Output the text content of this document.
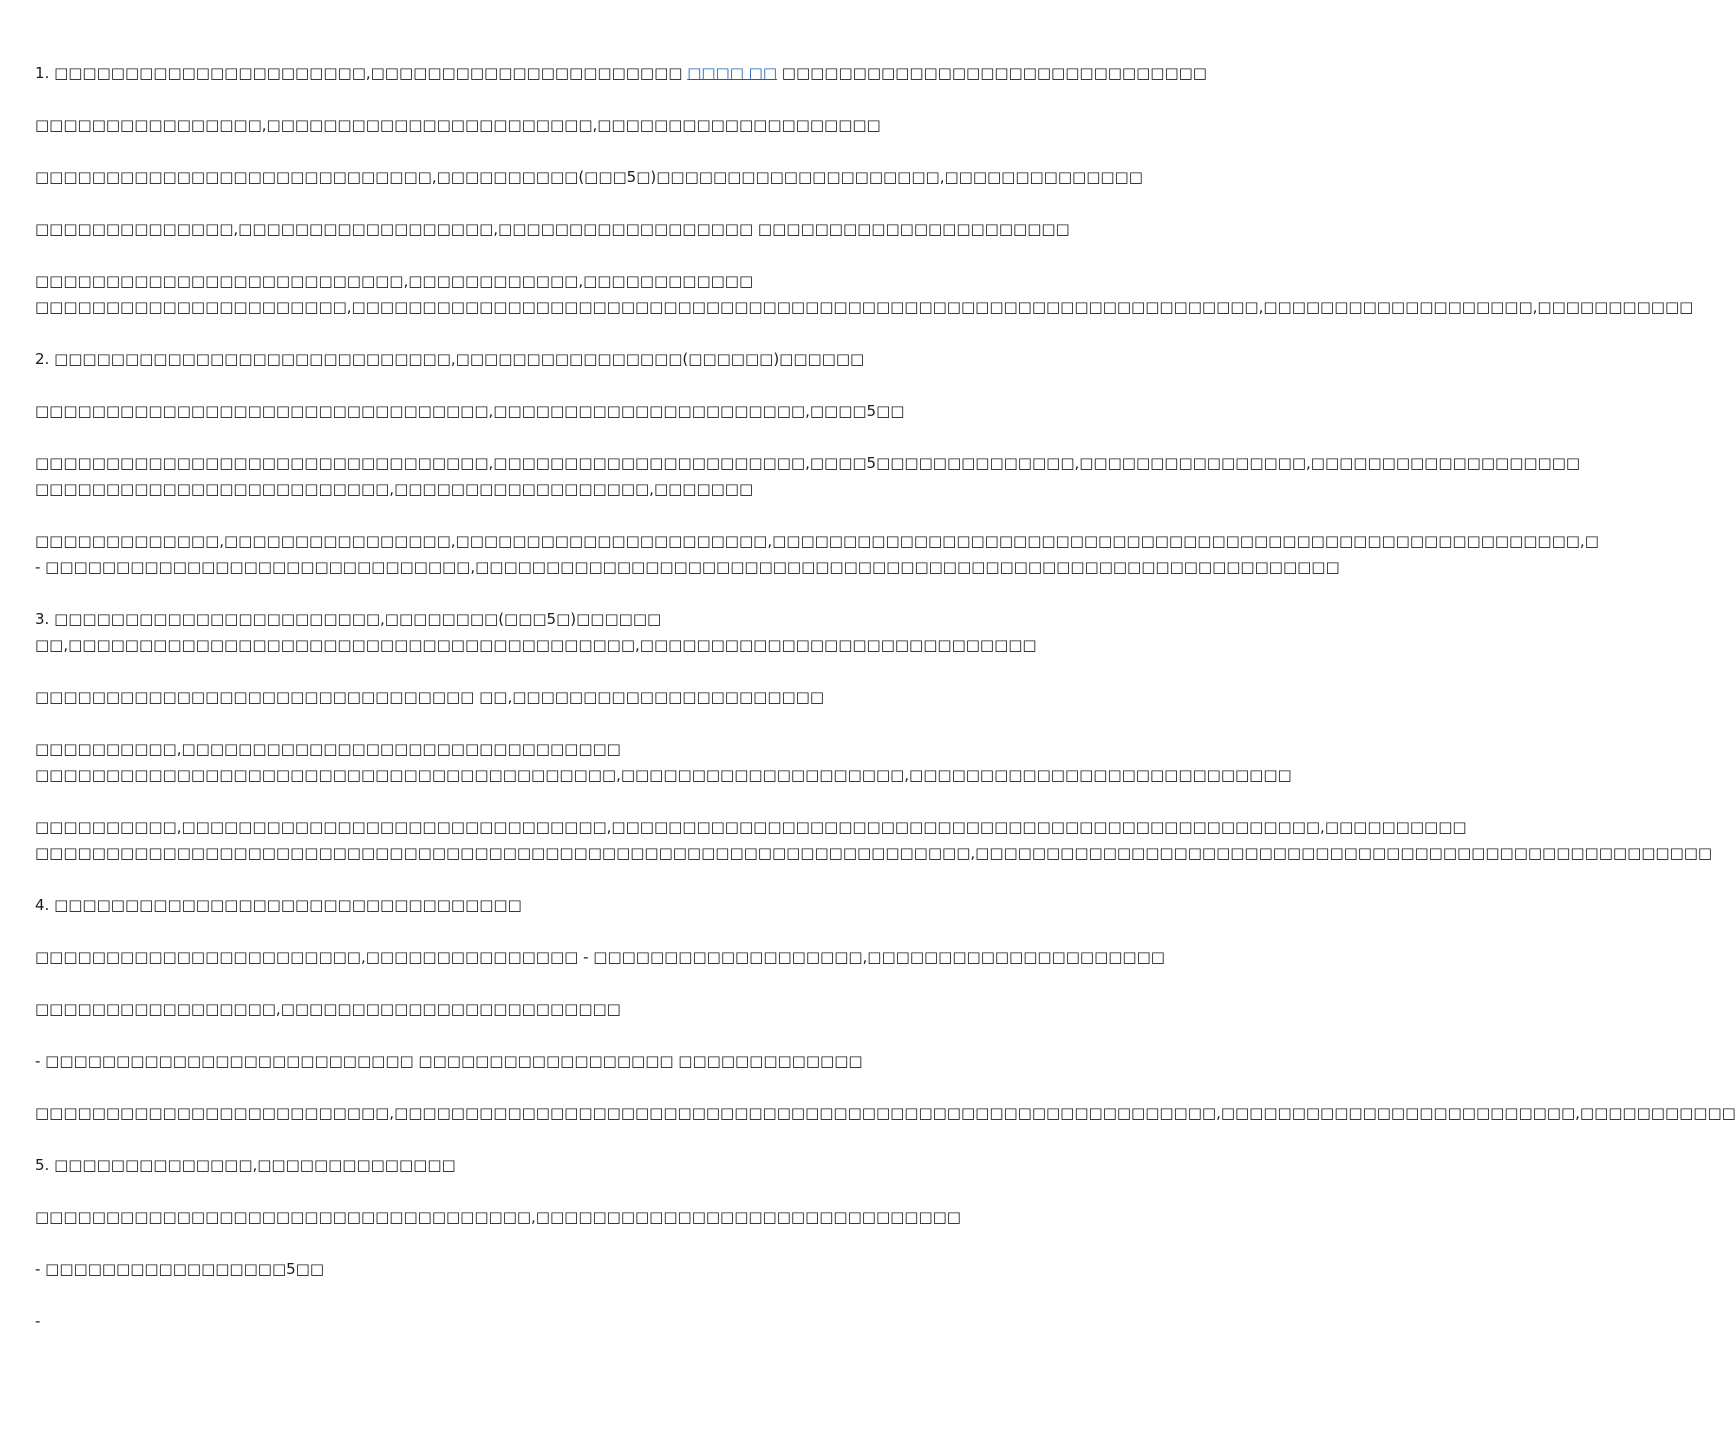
1. □□□□□□□□□□□□□□□□□□□□□□,□□□□□□□□□□□□□□□□□□□□□□ □□□□ □□ □□□□□□□□□□□□□□□□□□□□□□□□□□□□□□
□□□□□□□□□□□□□□□□,□□□□□□□□□□□□□□□□□□□□□□□,□□□□□□□□□□□□□□□□□□□□
□□□□□□□□□□□□□□□□□□□□□□□□□□□□,□□□□□□□□□□(□□□5□)□□□□□□□□□□□□□□□□□□□□,□□□□□□□□□□□□□□
□□□□□□□□□□□□□□,□□□□□□□□□□□□□□□□□□,□□□□□□□□□□□□□□□□□□ □□□□□□□□□□□□□□□□□□□□□□
□□□□□□□□□□□□□□□□□□□□□□□□□□,□□□□□□□□□□□□,□□□□□□□□□□□□
□□□□□□□□□□□□□□□□□□□□□□,□□□□□□□□□□□□□□□□□□□□□□□□□□□□□□□□□□□□□□□□□□□□□□□□□□□□□□□□□□□□□□□□,□□□□□□□□□□□□□□□□□□□,□□□□□□□□□□□
2. □□□□□□□□□□□□□□□□□□□□□□□□□□□□,□□□□□□□□□□□□□□□□(□□□□□□)□□□□□□
□□□□□□□□□□□□□□□□□□□□□□□□□□□□□□□□,□□□□□□□□□□□□□□□□□□□□□□,□□□□5□□
□□□□□□□□□□□□□□□□□□□□□□□□□□□□□□□□,□□□□□□□□□□□□□□□□□□□□□□,□□□□5□□□□□□□□□□□□□□,□□□□□□□□□□□□□□□□,□□□□□□□□□□□□□□□□□□□
□□□□□□□□□□□□□□□□□□□□□□□□□,□□□□□□□□□□□□□□□□□□,□□□□□□□
□□□□□□□□□□□□□,□□□□□□□□□□□□□□□□,□□□□□□□□□□□□□□□□□□□□□□,□□□□□□□□□□□□□□□□□□□□□□□□□□□□□□□□□□□□□□□□□□□□□□□□□□□□□□□□□,□
- □□□□□□□□□□□□□□□□□□□□□□□□□□□□□□,□□□□□□□□□□□□□□□□□□□□□□□□□□□□□□□□□□□□□□□□□□□□□□□□□□□□□□□□□□□□□
3. □□□□□□□□□□□□□□□□□□□□□□□,□□□□□□□□(□□□5□)□□□□□□
□□,□□□□□□□□□□□□□□□□□□□□□□□□□□□□□□□□□□□□□□□□,□□□□□□□□□□□□□□□□□□□□□□□□□□□□
□□□□□□□□□□□□□□□□□□□□□□□□□□□□□□□ □□,□□□□□□□□□□□□□□□□□□□□□□
□□□□□□□□□□,□□□□□□□□□□□□□□□□□□□□□□□□□□□□□□□
□□□□□□□□□□□□□□□□□□□□□□□□□□□□□□□□□□□□□□□□□,□□□□□□□□□□□□□□□□□□□□,□□□□□□□□□□□□□□□□□□□□□□□□□□□
□□□□□□□□□□,□□□□□□□□□□□□□□□□□□□□□□□□□□□□□□,□□□□□□□□□□□□□□□□□□□□□□□□□□□□□□□□□□□□□□□□□□□□□□□□□□,□□□□□□□□□□
□□□□□□□□□□□□□□□□□□□□□□□□□□□□□□□□□□□□□□□□□□□□□□□□□□□□□□□□□□□□□□□□□□,□□□□□□□□□□□□□□□□□□□□□□□□□□□□□□□□□□□□□□□□□□□□□□□□□□□□
4. □□□□□□□□□□□□□□□□□□□□□□□□□□□□□□□□□
□□□□□□□□□□□□□□□□□□□□□□□,□□□□□□□□□□□□□□□ - □□□□□□□□□□□□□□□□□□□,□□□□□□□□□□□□□□□□□□□□□
□□□□□□□□□□□□□□□□□,□□□□□□□□□□□□□□□□□□□□□□□□
- □□□□□□□□□□□□□□□□□□□□□□□□□□ □□□□□□□□□□□□□□□□□□ □□□□□□□□□□□□□
□□□□□□□□□□□□□□□□□□□□□□□□□,□□□□□□□□□□□□□□□□□□□□□□□□□□□□□□□□□□□□□□□□□□□□□□□□□□□□□□□□□□,□□□□□□□□□□□□□□□□□□□□□□□□□,□□□□□□□□□□□
5. □□□□□□□□□□□□□□,□□□□□□□□□□□□□□
□□□□□□□□□□□□□□□□□□□□□□□□□□□□□□□□□□□,□□□□□□□□□□□□□□□□□□□□□□□□□□□□□□
- □□□□□□□□□□□□□□□□□5□□
-
